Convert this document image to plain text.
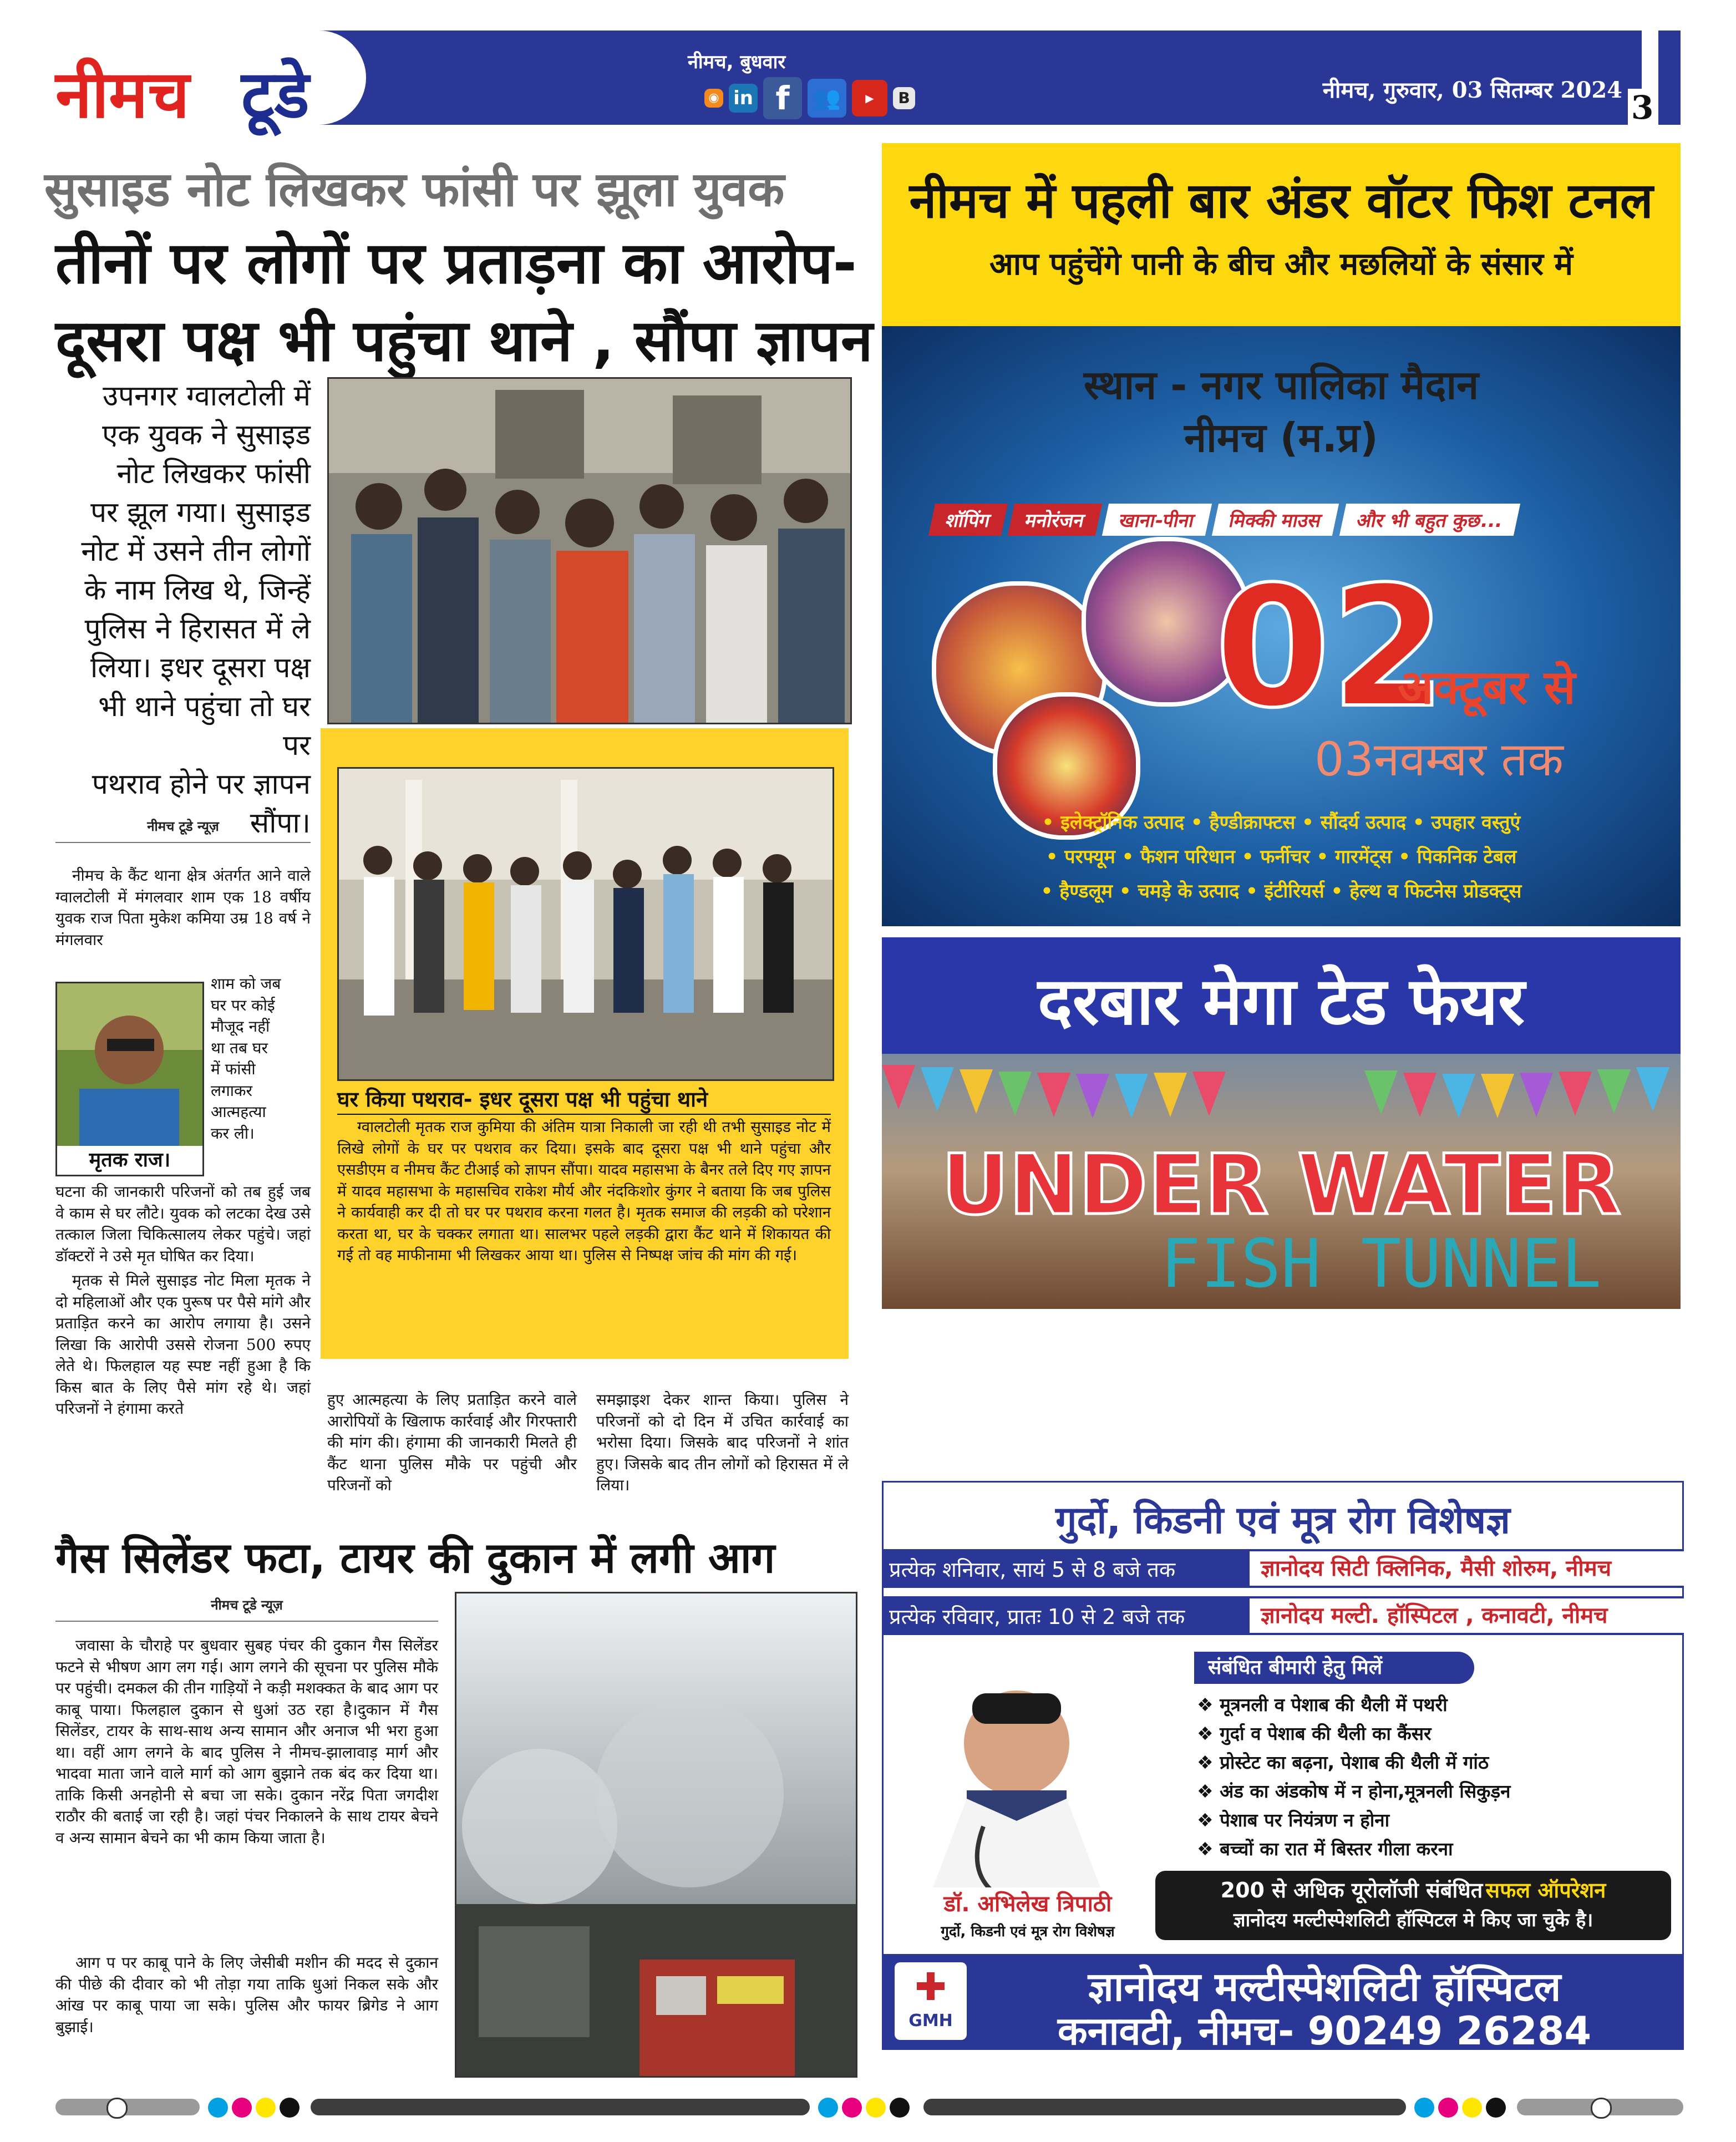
नीमच टूडे	नीमच, बुधवार
◉ in f	👥	▶	B	नीमच, गुरुवार, 03 सितम्बर 2024 3
सुसाइड नोट लिखकर फांसी पर झूला युवक
तीनों पर लोगों पर प्रताड़ना का आरोप-
दूसरा पक्ष भी पहुंचा थाने , सौंपा ज्ञापन
उपनगर ग्वालटोली में
एक युवक ने सुसाइड
नोट लिखकर फांसी
पर झूल गया। सुसाइड
नोट में उसने तीन लोगों
के नाम लिख थे, जिन्हें
पुलिस ने हिरासत में ले
लिया। इधर दूसरा पक्ष
भी थाने पहुंचा तो घर पर
पथराव होने पर ज्ञापन
सौंपा।
नीमच टूडे न्यूज़
नीमच के कैंट थाना क्षेत्र अंतर्गत आने वाले ग्वालटोली में मंगलवार शाम एक 18 वर्षीय युवक राज पिता मुकेश कमिया उम्र 18 वर्ष ने मंगलवार
मृतक राज।
शाम को जब
घर पर कोई
मौजूद नहीं
था तब घर
में फांसी
लगाकर
आत्महत्या
कर ली।
घटना की जानकारी परिजनों को तब हुई जब वे काम से घर लौटे। युवक को लटका देख उसे तत्काल जिला चिकित्सालय लेकर पहुंचे। जहां डॉक्टरों ने उसे मृत घोषित कर दिया।
मृतक से मिले सुसाइड नोट मिला मृतक ने दो महिलाओं और एक पुरूष पर पैसे मांगे और प्रताड़ित करने का आरोप लगाया है। उसने लिखा कि आरोपी उससे रोजना 500 रुपए लेते थे। फिलहाल यह स्पष्ट नहीं हुआ है कि किस बात के लिए पैसे मांग रहे थे। जहां परिजनों ने हंगामा करते
घर किया पथराव- इधर दूसरा पक्ष भी पहुंचा थाने
ग्वालटोली मृतक राज कुमिया की अंतिम यात्रा निकाली जा रही थी तभी सुसाइड नोट में लिखे लोगों के घर पर पथराव कर दिया। इसके बाद दूसरा पक्ष भी थाने पहुंचा और एसडीएम व नीमच कैंट टीआई को ज्ञापन सौंपा। यादव महासभा के बैनर तले दिए गए ज्ञापन में यादव महासभा के महासचिव राकेश मौर्य और नंदकिशोर कुंगर ने बताया कि जब पुलिस ने कार्यवाही कर दी तो घर पर पथराव करना गलत है। मृतक समाज की लड़की को परेशान करता था, घर के चक्कर लगाता था। सालभर पहले लड़की द्वारा कैंट थाने में शिकायत की गई तो वह माफीनामा भी लिखकर आया था। पुलिस से निष्पक्ष जांच की मांग की गई।
हुए आत्महत्या के लिए प्रताड़ित करने वाले आरोपियों के खिलाफ कार्रवाई और गिरफ्तारी की मांग की। हंगामा की जानकारी मिलते ही कैंट थाना पुलिस मौके पर पहुंची और परिजनों को
समझाइश देकर शान्त किया। पुलिस ने परिजनों को दो दिन में उचित कार्रवाई का भरोसा दिया। जिसके बाद परिजनों ने शांत हुए। जिसके बाद तीन लोगों को हिरासत में ले लिया।
गैस सिलेंडर फटा, टायर की दुकान में लगी आग
नीमच टूडे न्यूज़
जवासा के चौराहे पर बुधवार सुबह पंचर की दुकान गैस सिलेंडर फटने से भीषण आग लग गई। आग लगने की सूचना पर पुलिस मौके पर पहुंची। दमकल की तीन गाड़ियों ने कड़ी मशक्कत के बाद आग पर काबू पाया। फिलहाल दुकान से धुआं उठ रहा है।दुकान में गैस सिलेंडर, टायर के साथ-साथ अन्य सामान और अनाज भी भरा हुआ था। वहीं आग लगने के बाद पुलिस ने नीमच-झालावाड़ मार्ग और भादवा माता जाने वाले मार्ग को आग बुझाने तक बंद कर दिया था। ताकि किसी अनहोनी से बचा जा सके। दुकान नरेंद्र पिता जगदीश राठौर की बताई जा रही है। जहां पंचर निकालने के साथ टायर बेचने व अन्य सामान बेचने का भी काम किया जाता है।
आग प पर काबू पाने के लिए जेसीबी मशीन की मदद से दुकान की पीछे की दीवार को भी तोड़ा गया ताकि धुआं निकल सके और आंख पर काबू पाया जा सके। पुलिस और फायर ब्रिगेड ने आग बुझाई।
नीमच में पहली बार अंडर वॉटर फिश टनल
आप पहुंचेंगे पानी के बीच और मछलियों के संसार में
स्थान - नगर पालिका मैदान
नीमच (म.प्र)
शॉपिंग	मनोरंजन	खाना-पीना	मिक्की माउस	और भी बहुत कुछ...
02
अक्टूबर से
03नवम्बर तक
• इलेक्ट्रॉनिक उत्पाद • हैण्डीक्राफ्टस • सौंदर्य उत्पाद • उपहार वस्तुएं
• परफ्यूम • फैशन परिधान • फर्नीचर • गारमेंट्स • पिकनिक टेबल
• हैण्डलूम • चमड़े के उत्पाद • इंटीरियर्स • हेल्थ व फिटनेस प्रोडक्ट्स
दरबार मेगा टेड फेयर
UNDER WATER
FISH TUNNEL
गुर्दो, किडनी एवं मूत्र रोग विशेषज्ञ
प्रत्येक शनिवार, सायं 5 से 8 बजे तक	ज्ञानोदय सिटी क्लिनिक, मैसी शोरुम, नीमच
प्रत्येक रविवार, प्रातः 10 से 2 बजे तक	ज्ञानोदय मल्टी. हॉस्पिटल , कनावटी, नीमच
डॉ. अभिलेख त्रिपाठी
गुर्दो, किडनी एवं मूत्र रोग विशेषज्ञ
संबंधित बीमारी हेतु मिलें
❖ मूत्रनली व पेशाब की थैली में पथरी
❖ गुर्दा व पेशाब की थैली का कैंसर
❖ प्रोस्टेट का बढ़ना, पेशाब की थैली में गांठ
❖ अंड का अंडकोष में न होना,मूत्रनली सिकुड़न
❖ पेशाब पर नियंत्रण न होना
❖ बच्चों का रात में बिस्तर गीला करना
200 से अधिक यूरोलॉजी संबंधित सफल ऑपरेशन
ज्ञानोदय मल्टीस्पेशलिटी हॉस्पिटल मे किए जा चुके है।
GMH
ज्ञानोदय मल्टीस्पेशलिटी हॉस्पिटल
कनावटी, नीमच- 90249 26284
